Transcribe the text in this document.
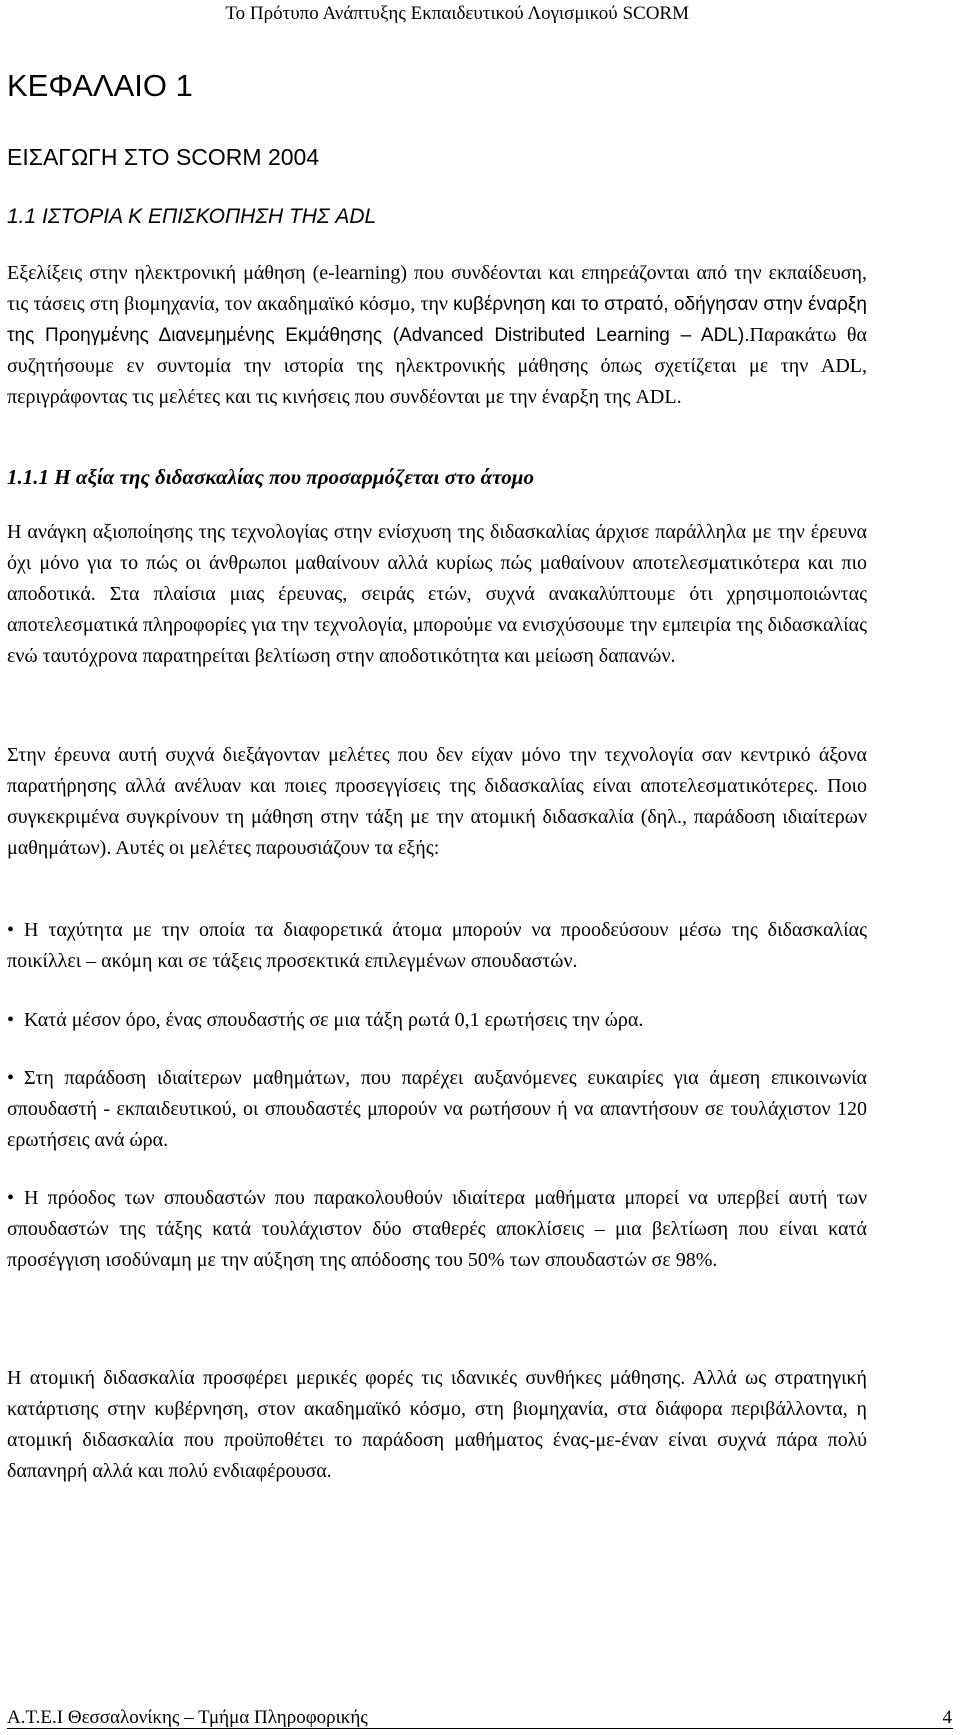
Το Πρότυπο Ανάπτυξης Εκπαιδευτικού Λογισμικού SCORM
ΚΕΦΑΛΑΙΟ 1
ΕΙΣΑΓΩΓΗ ΣΤΟ SCORM 2004
1.1 ΙΣΤΟΡΙΑ Κ ΕΠΙΣΚΟΠΗΣΗ ΤΗΣ ADL

Εξελίξεις στην ηλεκτρονική μάθηση (e-learning) που συνδέονται και επηρεάζονται από την εκπαίδευση, τις τάσεις στη βιομηχανία, τον ακαδημαϊκό κόσμο, την κυβέρνηση και το στρατό, οδήγησαν στην έναρξη της Προηγμένης Διανεμημένης Εκμάθησης (Advanced Distributed Learning – ADL).Παρακάτω θα συζητήσουμε εν συντομία την ιστορία της ηλεκτρονικής μάθησης όπως σχετίζεται με την ADL, περιγράφοντας τις μελέτες και τις κινήσεις που συνδέονται με την έναρξη της ADL.

1.1.1 Η αξία της διδασκαλίας που προσαρμόζεται στο άτομο

Η ανάγκη αξιοποίησης της τεχνολογίας στην ενίσχυση της διδασκαλίας άρχισε παράλληλα με την έρευνα όχι μόνο για το πώς οι άνθρωποι μαθαίνουν αλλά κυρίως πώς μαθαίνουν αποτελεσματικότερα και πιο αποδοτικά. Στα πλαίσια μιας έρευνας, σειράς ετών, συχνά ανακαλύπτουμε ότι χρησιμοποιώντας αποτελεσματικά πληροφορίες για την τεχνολογία, μπορούμε να ενισχύσουμε την εμπειρία της διδασκαλίας ενώ ταυτόχρονα παρατηρείται βελτίωση στην αποδοτικότητα και μείωση δαπανών.

Στην έρευνα αυτή συχνά διεξάγονταν μελέτες που δεν είχαν μόνο την τεχνολογία σαν κεντρικό άξονα παρατήρησης αλλά ανέλυαν και ποιες προσεγγίσεις της διδασκαλίας είναι αποτελεσματικότερες. Ποιο συγκεκριμένα συγκρίνουν τη μάθηση στην τάξη με την ατομική διδασκαλία (δηλ., παράδοση ιδιαίτερων μαθημάτων). Αυτές οι μελέτες παρουσιάζουν τα εξής:

• Η ταχύτητα με την οποία τα διαφορετικά άτομα μπορούν να προοδεύσουν μέσω της διδασκαλίας ποικίλλει – ακόμη και σε τάξεις προσεκτικά επιλεγμένων σπουδαστών.

• Κατά μέσον όρο, ένας σπουδαστής σε μια τάξη ρωτά 0,1 ερωτήσεις την ώρα.

• Στη παράδοση ιδιαίτερων μαθημάτων, που παρέχει αυξανόμενες ευκαιρίες για άμεση επικοινωνία σπουδαστή - εκπαιδευτικού, οι σπουδαστές μπορούν να ρωτήσουν ή να απαντήσουν σε τουλάχιστον 120 ερωτήσεις ανά ώρα.

• Η πρόοδος των σπουδαστών που παρακολουθούν ιδιαίτερα μαθήματα μπορεί να υπερβεί αυτή των σπουδαστών της τάξης κατά τουλάχιστον δύο σταθερές αποκλίσεις – μια βελτίωση που είναι κατά προσέγγιση ισοδύναμη με την αύξηση της απόδοσης του 50% των σπουδαστών σε 98%.

Η ατομική διδασκαλία προσφέρει μερικές φορές τις ιδανικές συνθήκες μάθησης. Αλλά ως στρατηγική κατάρτισης στην κυβέρνηση, στον ακαδημαϊκό κόσμο, στη βιομηχανία, στα διάφορα περιβάλλοντα, η ατομική διδασκαλία που προϋποθέτει το παράδοση μαθήματος ένας-με-έναν είναι συχνά πάρα πολύ δαπανηρή αλλά και πολύ ενδιαφέρουσα.

Α.Τ.Ε.Ι Θεσσαλονίκης – Τμήμα Πληροφορικής	4
